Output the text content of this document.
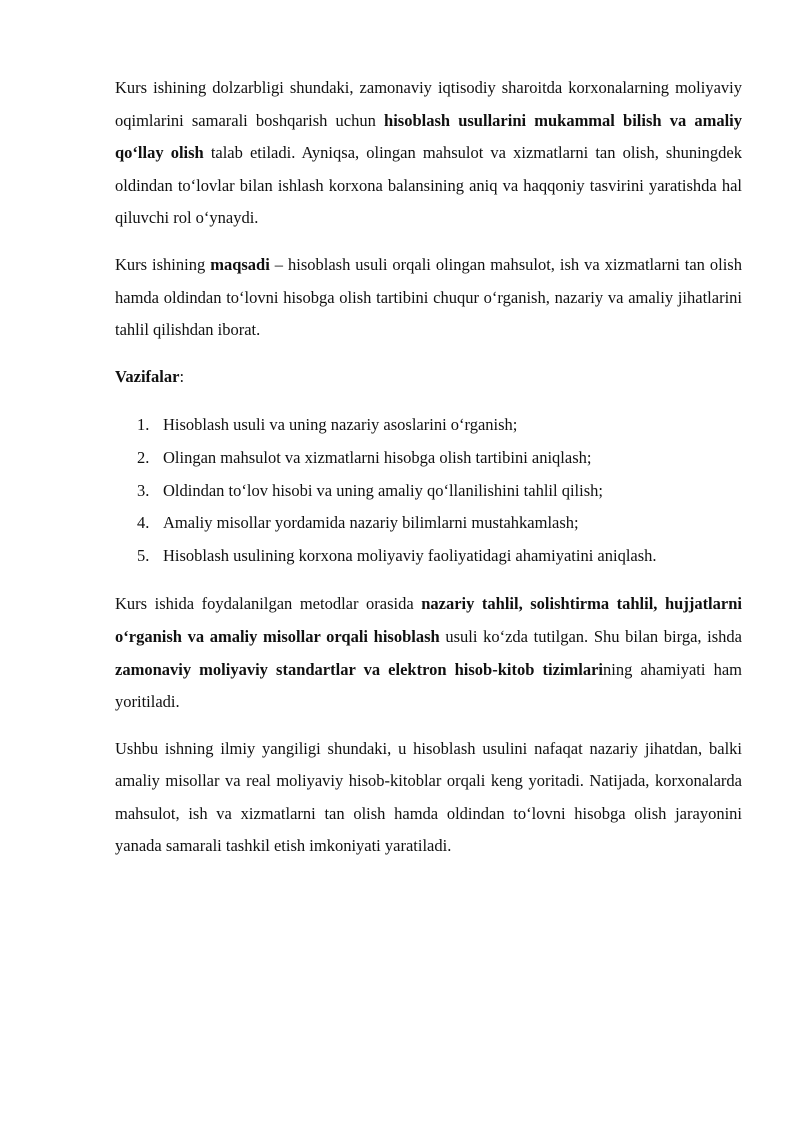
Kurs ishining dolzarbligi shundaki, zamonaviy iqtisodiy sharoitda korxonalarning moliyaviy oqimlarini samarali boshqarish uchun hisoblash usullarini mukammal bilish va amaliy qo‘llay olish talab etiladi. Ayniqsa, olingan mahsulot va xizmatlarni tan olish, shuningdek oldindan to‘lovlar bilan ishlash korxona balansining aniq va haqqoniy tasvirini yaratishda hal qiluvchi rol o‘ynaydi.

Kurs ishining maqsadi – hisoblash usuli orqali olingan mahsulot, ish va xizmatlarni tan olish hamda oldindan to‘lovni hisobga olish tartibini chuqur o‘rganish, nazariy va amaliy jihatlarini tahlil qilishdan iborat.

Vazifalar:

1. Hisoblash usuli va uning nazariy asoslarini o‘rganish;
2. Olingan mahsulot va xizmatlarni hisobga olish tartibini aniqlash;
3. Oldindan to‘lov hisobi va uning amaliy qo‘llanilishini tahlil qilish;
4. Amaliy misollar yordamida nazariy bilimlarni mustahkamlash;
5. Hisoblash usulining korxona moliyaviy faoliyatidagi ahamiyatini aniqlash.

Kurs ishida foydalanilgan metodlar orasida nazariy tahlil, solishtirma tahlil, hujjatlarni o‘rganish va amaliy misollar orqali hisoblash usuli ko‘zda tutilgan. Shu bilan birga, ishda zamonaviy moliyaviy standartlar va elektron hisob-kitob tizimlarining ahamiyati ham yoritiladi.

Ushbu ishning ilmiy yangiligi shundaki, u hisoblash usulini nafaqat nazariy jihatdan, balki amaliy misollar va real moliyaviy hisob-kitoblar orqali keng yoritadi. Natijada, korxonalarda mahsulot, ish va xizmatlarni tan olish hamda oldindan to‘lovni hisobga olish jarayonini yanada samarali tashkil etish imkoniyati yaratiladi.
